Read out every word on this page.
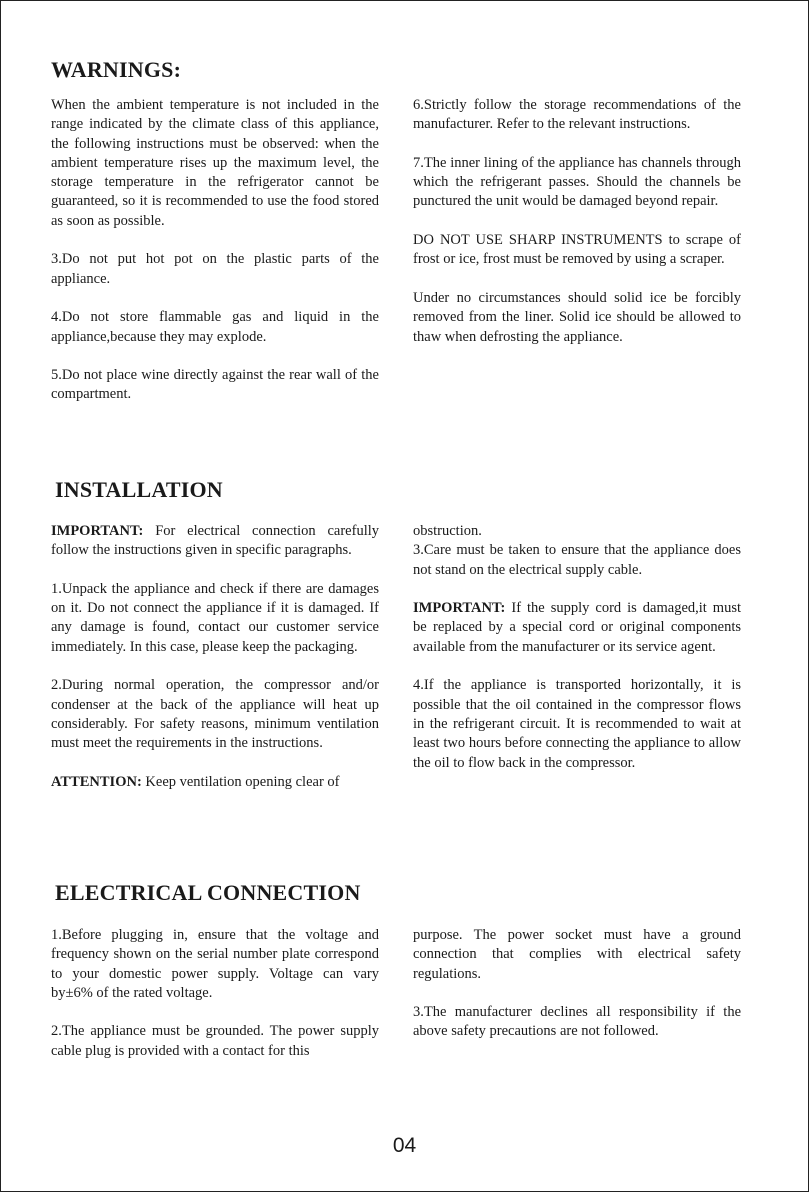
WARNINGS:

When the ambient temperature is not included in the range indicated by the climate class of this appliance, the following instructions must be observed: when the ambient temperature rises up the maximum level, the storage temperature in the refrigerator cannot be guaranteed, so it is recommended to use the food stored as soon as possible.

3.Do not put hot pot on the plastic parts of the appliance.

4.Do not store flammable gas and liquid in the appliance,because they may explode.

5.Do not place wine directly against the rear wall of the compartment.

6.Strictly follow the storage recommendations of the manufacturer. Refer to the relevant instructions.

7.The inner lining of the appliance has channels through which the refrigerant passes. Should the channels be punctured the unit would be damaged beyond repair.

DO NOT USE SHARP INSTRUMENTS to scrape of frost or ice, frost must be removed by using a scraper.

Under no circumstances should solid ice be forcibly removed from the liner. Solid ice should be allowed to thaw when defrosting the appliance.

INSTALLATION

IMPORTANT: For electrical connection carefully follow the instructions given in specific paragraphs.

1.Unpack the appliance and check if there are damages on it. Do not connect the appliance if it is damaged. If any damage is found, contact our customer service immediately. In this case, please keep the packaging.

2.During normal operation, the compressor and/or condenser at the back of the appliance will heat up considerably. For safety reasons, minimum ventilation must meet the requirements in the instructions.

ATTENTION: Keep ventilation opening clear of

obstruction.

3.Care must be taken to ensure that the appliance does not stand on the electrical supply cable.

IMPORTANT: If the supply cord is damaged,it must be replaced by a special cord or original components available from the manufacturer or its service agent.

4.If the appliance is transported horizontally, it is possible that the oil contained in the compressor flows in the refrigerant circuit. It is recommended to wait at least two hours before connecting the appliance to allow the oil to flow back in the compressor.

ELECTRICAL CONNECTION

1.Before plugging in, ensure that the voltage and frequency shown on the serial number plate correspond to your domestic power supply. Voltage can vary by±6% of the rated voltage.

2.The appliance must be grounded. The power supply cable plug is provided with a contact for this

purpose. The power socket must have a ground connection that complies with electrical safety regulations.

3.The manufacturer declines all responsibility if the above safety precautions are not followed.

04
